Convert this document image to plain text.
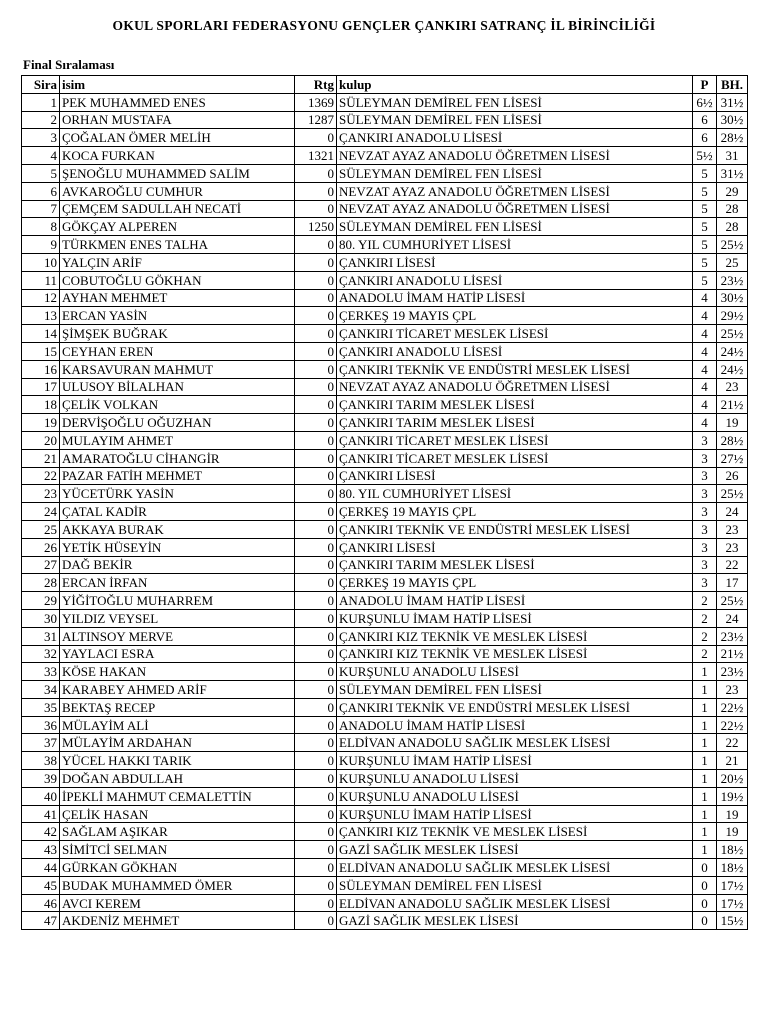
OKUL SPORLARI FEDERASYONU GENÇLER ÇANKIRI SATRANÇ İL BİRİNCİLİĞİ
Final Sıralaması
Sira	isim	Rtg	kulup	P	BH.
1	PEK MUHAMMED ENES	1369	SÜLEYMAN DEMİREL FEN LİSESİ	6½	31½
2	ORHAN MUSTAFA	1287	SÜLEYMAN DEMİREL FEN LİSESİ	6	30½
3	ÇOĞALAN ÖMER MELİH	0	ÇANKIRI ANADOLU LİSESİ	6	28½
4	KOCA FURKAN	1321	NEVZAT AYAZ ANADOLU ÖĞRETMEN LİSESİ	5½	31
5	ŞENOĞLU MUHAMMED SALİM	0	SÜLEYMAN DEMİREL FEN LİSESİ	5	31½
6	AVKAROĞLU CUMHUR	0	NEVZAT AYAZ ANADOLU ÖĞRETMEN LİSESİ	5	29
7	ÇEMÇEM SADULLAH NECATİ	0	NEVZAT AYAZ ANADOLU ÖĞRETMEN LİSESİ	5	28
8	GÖKÇAY ALPEREN	1250	SÜLEYMAN DEMİREL FEN LİSESİ	5	28
9	TÜRKMEN ENES TALHA	0	80. YIL CUMHURİYET LİSESİ	5	25½
10	YALÇIN ARİF	0	ÇANKIRI LİSESİ	5	25
11	COBUTOĞLU GÖKHAN	0	ÇANKIRI ANADOLU LİSESİ	5	23½
12	AYHAN MEHMET	0	ANADOLU İMAM HATİP LİSESİ	4	30½
13	ERCAN YASİN	0	ÇERKEŞ 19 MAYIS ÇPL	4	29½
14	ŞİMŞEK BUĞRAK	0	ÇANKIRI TİCARET MESLEK LİSESİ	4	25½
15	CEYHAN EREN	0	ÇANKIRI ANADOLU LİSESİ	4	24½
16	KARSAVURAN MAHMUT	0	ÇANKIRI TEKNİK VE ENDÜSTRİ MESLEK LİSESİ	4	24½
17	ULUSOY BİLALHAN	0	NEVZAT AYAZ ANADOLU ÖĞRETMEN LİSESİ	4	23
18	ÇELİK VOLKAN	0	ÇANKIRI TARIM MESLEK LİSESİ	4	21½
19	DERVİŞOĞLU OĞUZHAN	0	ÇANKIRI TARIM MESLEK LİSESİ	4	19
20	MULAYIM AHMET	0	ÇANKIRI TİCARET MESLEK LİSESİ	3	28½
21	AMARATOĞLU CİHANGİR	0	ÇANKIRI TİCARET MESLEK LİSESİ	3	27½
22	PAZAR FATİH MEHMET	0	ÇANKIRI LİSESİ	3	26
23	YÜCETÜRK YASİN	0	80. YIL CUMHURİYET LİSESİ	3	25½
24	ÇATAL KADİR	0	ÇERKEŞ 19 MAYIS ÇPL	3	24
25	AKKAYA BURAK	0	ÇANKIRI TEKNİK VE ENDÜSTRİ MESLEK LİSESİ	3	23
26	YETİK HÜSEYİN	0	ÇANKIRI LİSESİ	3	23
27	DAĞ BEKİR	0	ÇANKIRI TARIM MESLEK LİSESİ	3	22
28	ERCAN İRFAN	0	ÇERKEŞ 19 MAYIS ÇPL	3	17
29	YİĞİTOĞLU MUHARREM	0	ANADOLU İMAM HATİP LİSESİ	2	25½
30	YILDIZ VEYSEL	0	KURŞUNLU İMAM HATİP LİSESİ	2	24
31	ALTINSOY MERVE	0	ÇANKIRI KIZ TEKNİK VE MESLEK LİSESİ	2	23½
32	YAYLACI ESRA	0	ÇANKIRI KIZ TEKNİK VE MESLEK LİSESİ	2	21½
33	KÖSE HAKAN	0	KURŞUNLU ANADOLU LİSESİ	1	23½
34	KARABEY AHMED ARİF	0	SÜLEYMAN DEMİREL FEN LİSESİ	1	23
35	BEKTAŞ RECEP	0	ÇANKIRI TEKNİK VE ENDÜSTRİ MESLEK LİSESİ	1	22½
36	MÜLAYİM ALİ	0	ANADOLU İMAM HATİP LİSESİ	1	22½
37	MÜLAYİM ARDAHAN	0	ELDİVAN ANADOLU SAĞLIK MESLEK LİSESİ	1	22
38	YÜCEL HAKKI TARIK	0	KURŞUNLU İMAM HATİP LİSESİ	1	21
39	DOĞAN ABDULLAH	0	KURŞUNLU ANADOLU LİSESİ	1	20½
40	İPEKLİ MAHMUT CEMALETTİN	0	KURŞUNLU ANADOLU LİSESİ	1	19½
41	ÇELİK HASAN	0	KURŞUNLU İMAM HATİP LİSESİ	1	19
42	SAĞLAM AŞIKAR	0	ÇANKIRI KIZ TEKNİK VE MESLEK LİSESİ	1	19
43	SİMİTCİ SELMAN	0	GAZİ SAĞLIK MESLEK LİSESİ	1	18½
44	GÜRKAN GÖKHAN	0	ELDİVAN ANADOLU SAĞLIK MESLEK LİSESİ	0	18½
45	BUDAK MUHAMMED ÖMER	0	SÜLEYMAN DEMİREL FEN LİSESİ	0	17½
46	AVCI KEREM	0	ELDİVAN ANADOLU SAĞLIK MESLEK LİSESİ	0	17½
47	AKDENİZ MEHMET	0	GAZİ SAĞLIK MESLEK LİSESİ	0	15½
